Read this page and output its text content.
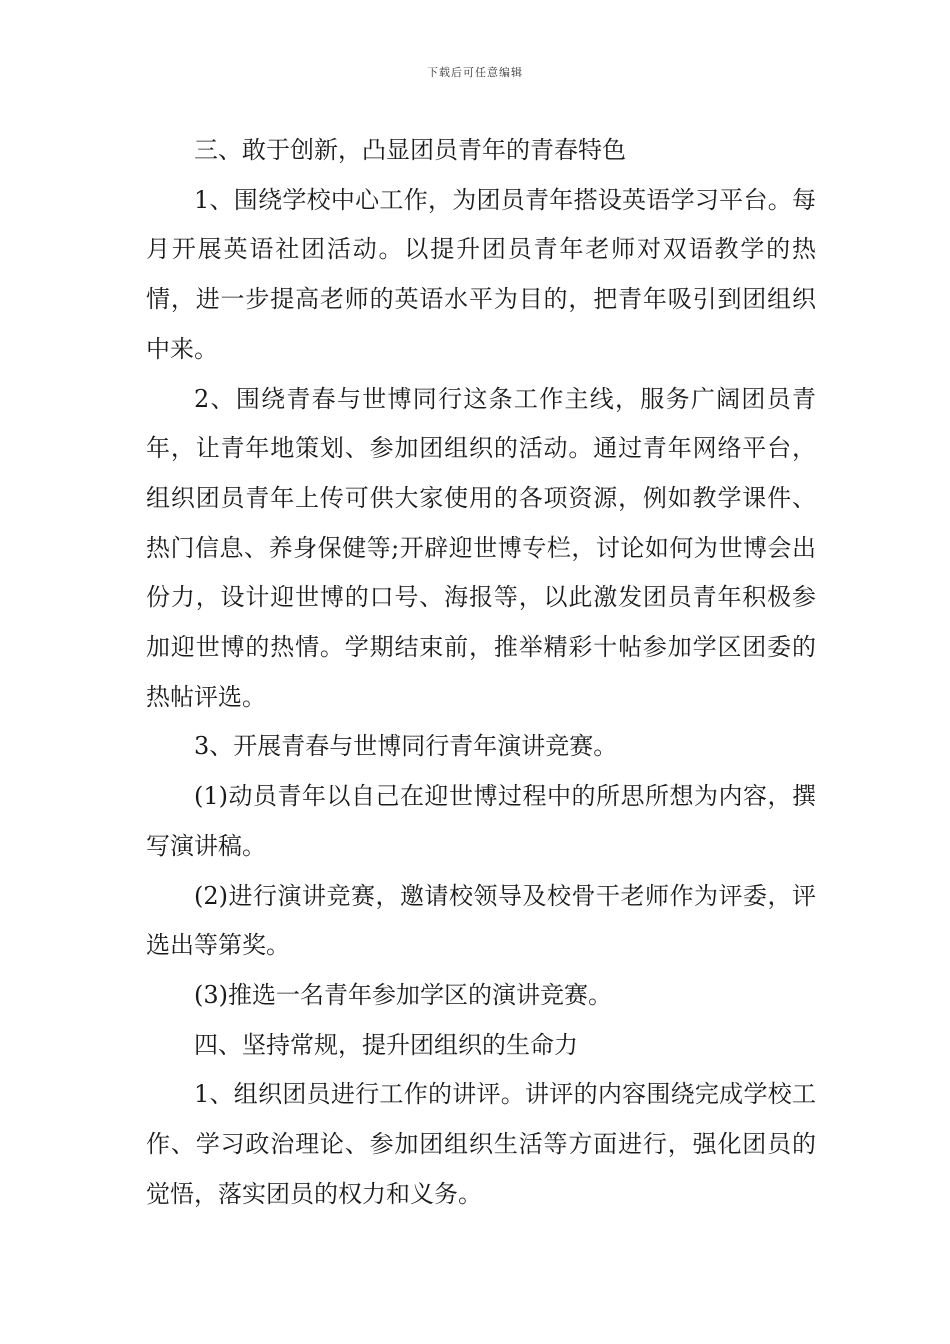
下载后可任意编辑

三、敢于创新，凸显团员青年的青春特色

1、围绕学校中心工作，为团员青年搭设英语学习平台。每月开展英语社团活动。以提升团员青年老师对双语教学的热情，进一步提高老师的英语水平为目的，把青年吸引到团组织中来。

2、围绕青春与世博同行这条工作主线，服务广阔团员青年，让青年地策划、参加团组织的活动。通过青年网络平台，组织团员青年上传可供大家使用的各项资源，例如教学课件、热门信息、养身保健等;开辟迎世博专栏，讨论如何为世博会出份力，设计迎世博的口号、海报等，以此激发团员青年积极参加迎世博的热情。学期结束前，推举精彩十帖参加学区团委的热帖评选。

3、开展青春与世博同行青年演讲竞赛。

(1)动员青年以自己在迎世博过程中的所思所想为内容，撰写演讲稿。

(2)进行演讲竞赛，邀请校领导及校骨干老师作为评委，评选出等第奖。

(3)推选一名青年参加学区的演讲竞赛。

四、坚持常规，提升团组织的生命力

1、组织团员进行工作的讲评。讲评的内容围绕完成学校工作、学习政治理论、参加团组织生活等方面进行，强化团员的觉悟，落实团员的权力和义务。
